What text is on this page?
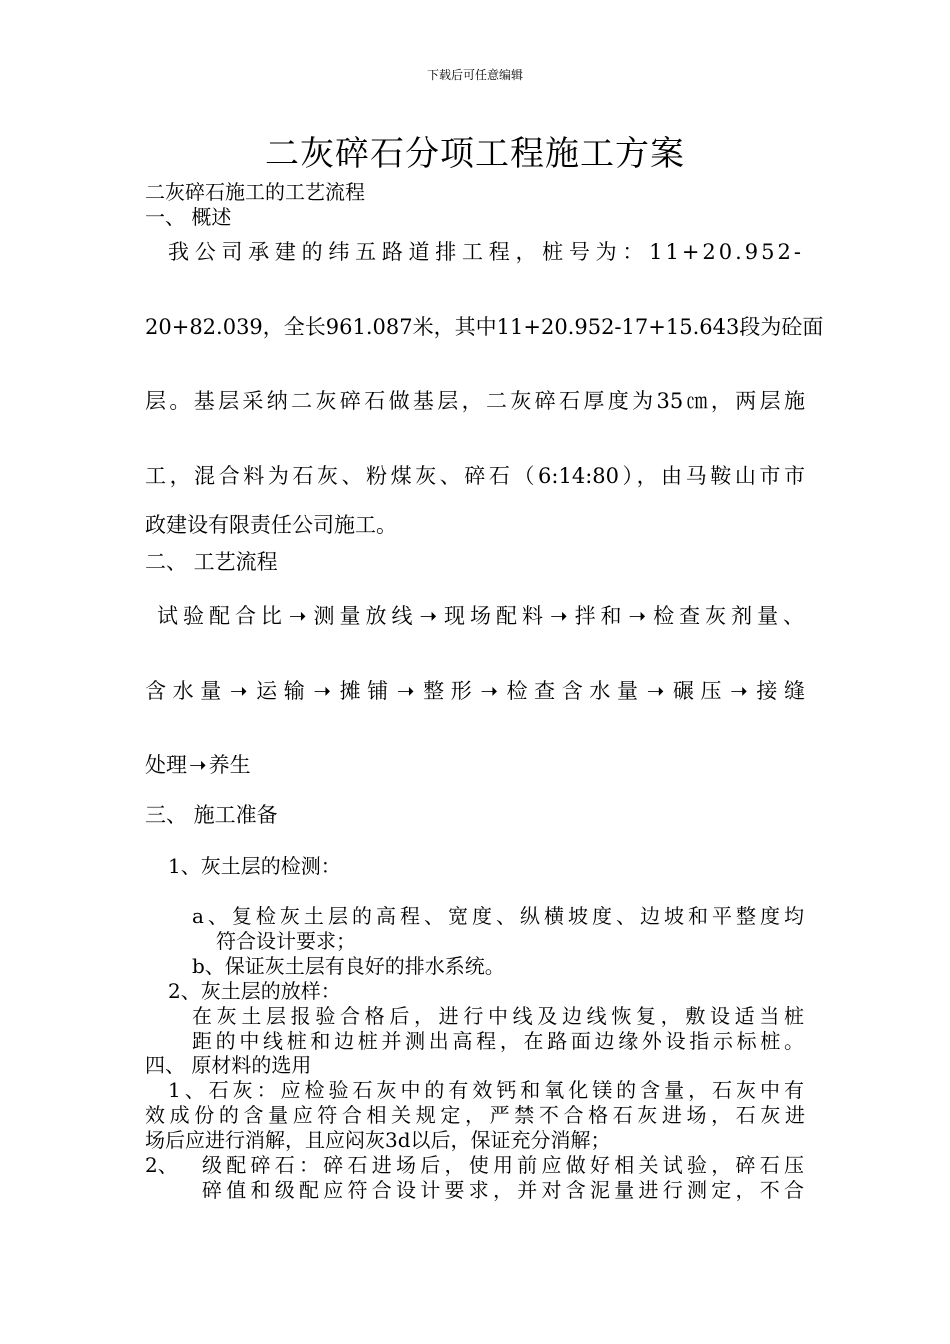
下载后可任意编辑
二灰碎石分项工程施工方案
二灰碎石施工的工艺流程
一、 概述
我公司承建的纬五路道排工程，桩号为：11+20.952-
20+82.039，全长961.087米，其中11+20.952-17+15.643段为砼面
层。基层采纳二灰碎石做基层，二灰碎石厚度为35㎝，两层施
工，混合料为石灰、粉煤灰、碎石（6:14:80），由马鞍山市市
政建设有限责任公司施工。
二、 工艺流程
试验配合比➝测量放线➝现场配料➝拌和➝检查灰剂量、
含水量➝运输➝摊铺➝整形➝检查含水量➝碾压➝接缝
处理➝养生
三、 施工准备
1、灰土层的检测：
a、复检灰土层的高程、宽度、纵横坡度、边坡和平整度均
符合设计要求；
b、保证灰土层有良好的排水系统。
2、灰土层的放样：
在灰土层报验合格后，进行中线及边线恢复，敷设适当桩
距的中线桩和边桩并测出高程，在路面边缘外设指示标桩。
四、 原材料的选用
1、石灰：应检验石灰中的有效钙和氧化镁的含量，石灰中有
效成份的含量应符合相关规定，严禁不合格石灰进场，石灰进
场后应进行消解，且应闷灰3d以后，保证充分消解；
2、 级配碎石：碎石进场后，使用前应做好相关试验，碎石压
碎值和级配应符合设计要求，并对含泥量进行测定，不合
